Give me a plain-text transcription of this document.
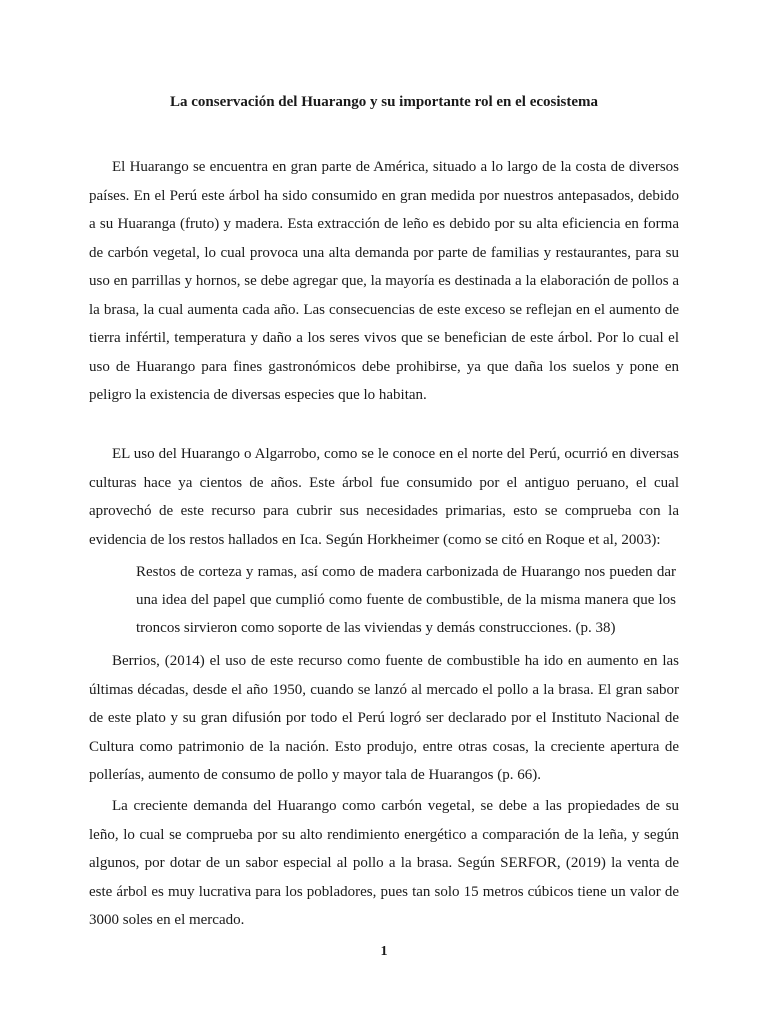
La conservación del Huarango y su importante rol en el ecosistema

El Huarango se encuentra en gran parte de América, situado a lo largo de la costa de diversos países. En el Perú este árbol ha sido consumido en gran medida por nuestros antepasados, debido a su Huaranga (fruto) y madera. Esta extracción de leño es debido por su alta eficiencia en forma de carbón vegetal, lo cual provoca una alta demanda por parte de familias y restaurantes, para su uso en parrillas y hornos, se debe agregar que, la mayoría es destinada a la elaboración de pollos a la brasa, la cual aumenta cada año. Las consecuencias de este exceso se reflejan en el aumento de tierra infértil, temperatura y daño a los seres vivos que se benefician de este árbol. Por lo cual el uso de Huarango para fines gastronómicos debe prohibirse, ya que daña los suelos y pone en peligro la existencia de diversas especies que lo habitan.

EL uso del Huarango o Algarrobo, como se le conoce en el norte del Perú, ocurrió en diversas culturas hace ya cientos de años. Este árbol fue consumido por el antiguo peruano, el cual aprovechó de este recurso para cubrir sus necesidades primarias, esto se comprueba con la evidencia de los restos hallados en Ica. Según Horkheimer (como se citó en Roque et al, 2003):

Restos de corteza y ramas, así como de madera carbonizada de Huarango nos pueden dar una idea del papel que cumplió como fuente de combustible, de la misma manera que los troncos sirvieron como soporte de las viviendas y demás construcciones. (p. 38)

Berrios, (2014) el uso de este recurso como fuente de combustible ha ido en aumento en las últimas décadas, desde el año 1950, cuando se lanzó al mercado el pollo a la brasa. El gran sabor de este plato y su gran difusión por todo el Perú logró ser declarado por el Instituto Nacional de Cultura como patrimonio de la nación. Esto produjo, entre otras cosas, la creciente apertura de pollerías, aumento de consumo de pollo y mayor tala de Huarangos (p. 66).

La creciente demanda del Huarango como carbón vegetal, se debe a las propiedades de su leño, lo cual se comprueba por su alto rendimiento energético a comparación de la leña, y según algunos, por dotar de un sabor especial al pollo a la brasa. Según SERFOR, (2019) la venta de este árbol es muy lucrativa para los pobladores, pues tan solo 15 metros cúbicos tiene un valor de 3000 soles en el mercado.

1
